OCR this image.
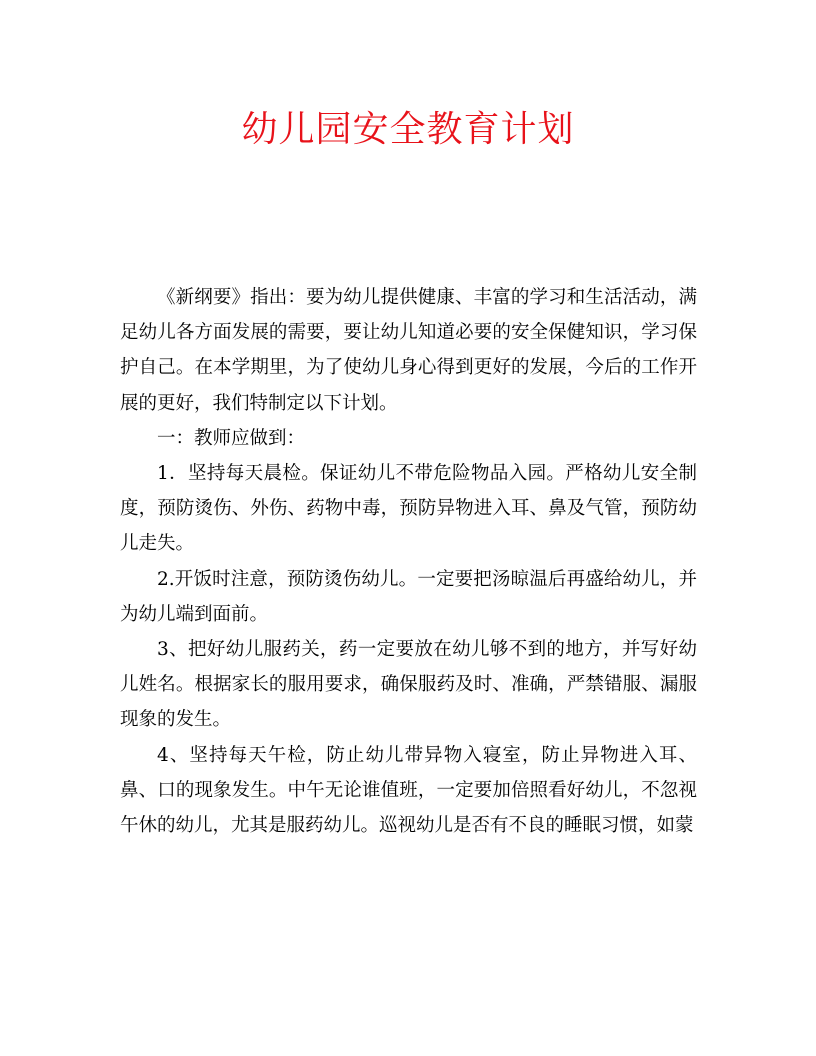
幼儿园安全教育计划

《新纲要》指出：要为幼儿提供健康、丰富的学习和生活活动，满足幼儿各方面发展的需要，要让幼儿知道必要的安全保健知识，学习保护自己。在本学期里，为了使幼儿身心得到更好的发展，今后的工作开展的更好，我们特制定以下计划。

一：教师应做到：

1．坚持每天晨检。保证幼儿不带危险物品入园。严格幼儿安全制度，预防烫伤、外伤、药物中毒，预防异物进入耳、鼻及气管，预防幼儿走失。

2.开饭时注意，预防烫伤幼儿。一定要把汤晾温后再盛给幼儿，并为幼儿端到面前。

3、把好幼儿服药关，药一定要放在幼儿够不到的地方，并写好幼儿姓名。根据家长的服用要求，确保服药及时、准确，严禁错服、漏服现象的发生。

4、坚持每天午检，防止幼儿带异物入寝室，防止异物进入耳、鼻、口的现象发生。中午无论谁值班，一定要加倍照看好幼儿，不忽视午休的幼儿，尤其是服药幼儿。巡视幼儿是否有不良的睡眠习惯，如蒙
